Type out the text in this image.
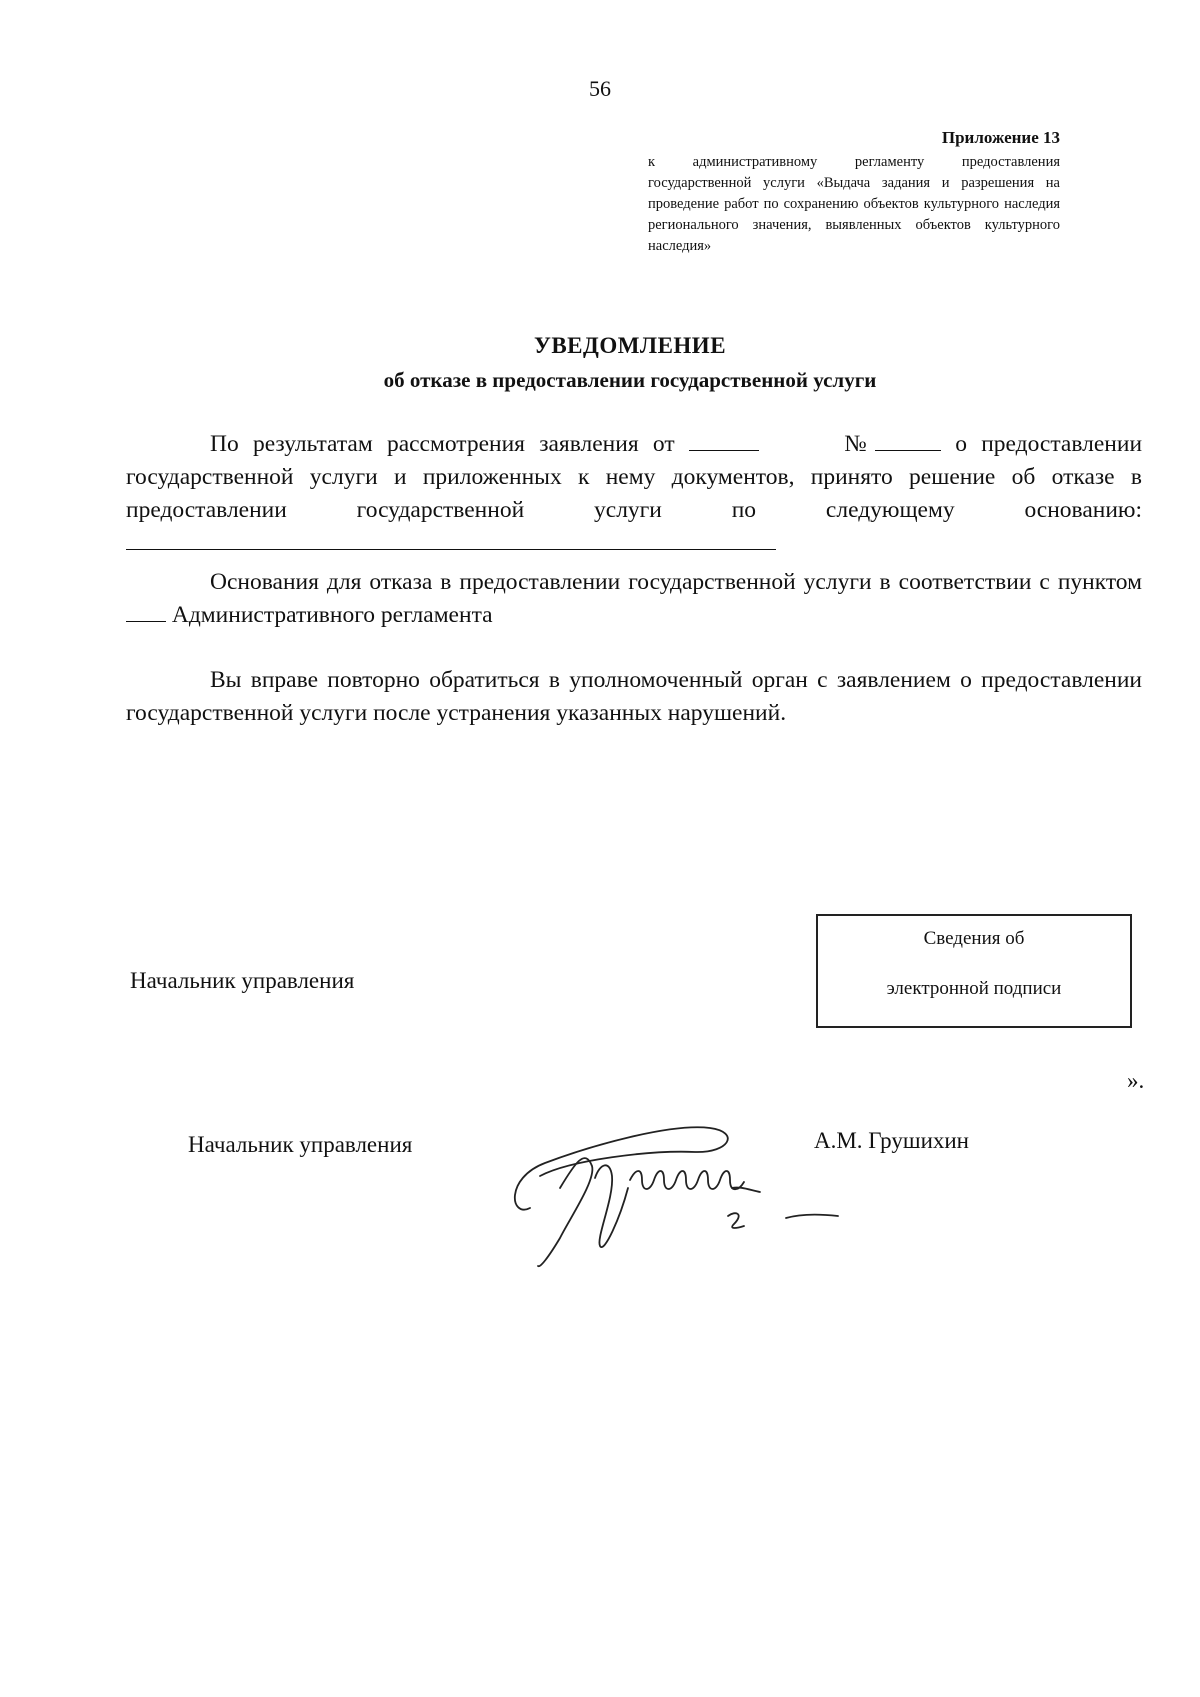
56
Приложение 13
к административному регламенту предоставления государственной услуги «Выдача задания и разрешения на проведение работ по сохранению объектов культурного наследия регионального значения, выявленных объектов культурного наследия»
УВЕДОМЛЕНИЕ
об отказе в предоставлении государственной услуги
По результатам рассмотрения заявления от	№	о предоставлении государственной услуги и приложенных к нему документов, принято решение об отказе в предоставлении государственной услуги по следующему основанию:
Основания для отказа в предоставлении государственной услуги в соответствии с пунктом  Административного регламента
Вы вправе повторно обратиться в уполномоченный орган с заявлением о предоставлении государственной услуги после устранения указанных нарушений.
Сведения об
электронной подписи
Начальник управления
».
Начальник управления	А.М. Грушихин
